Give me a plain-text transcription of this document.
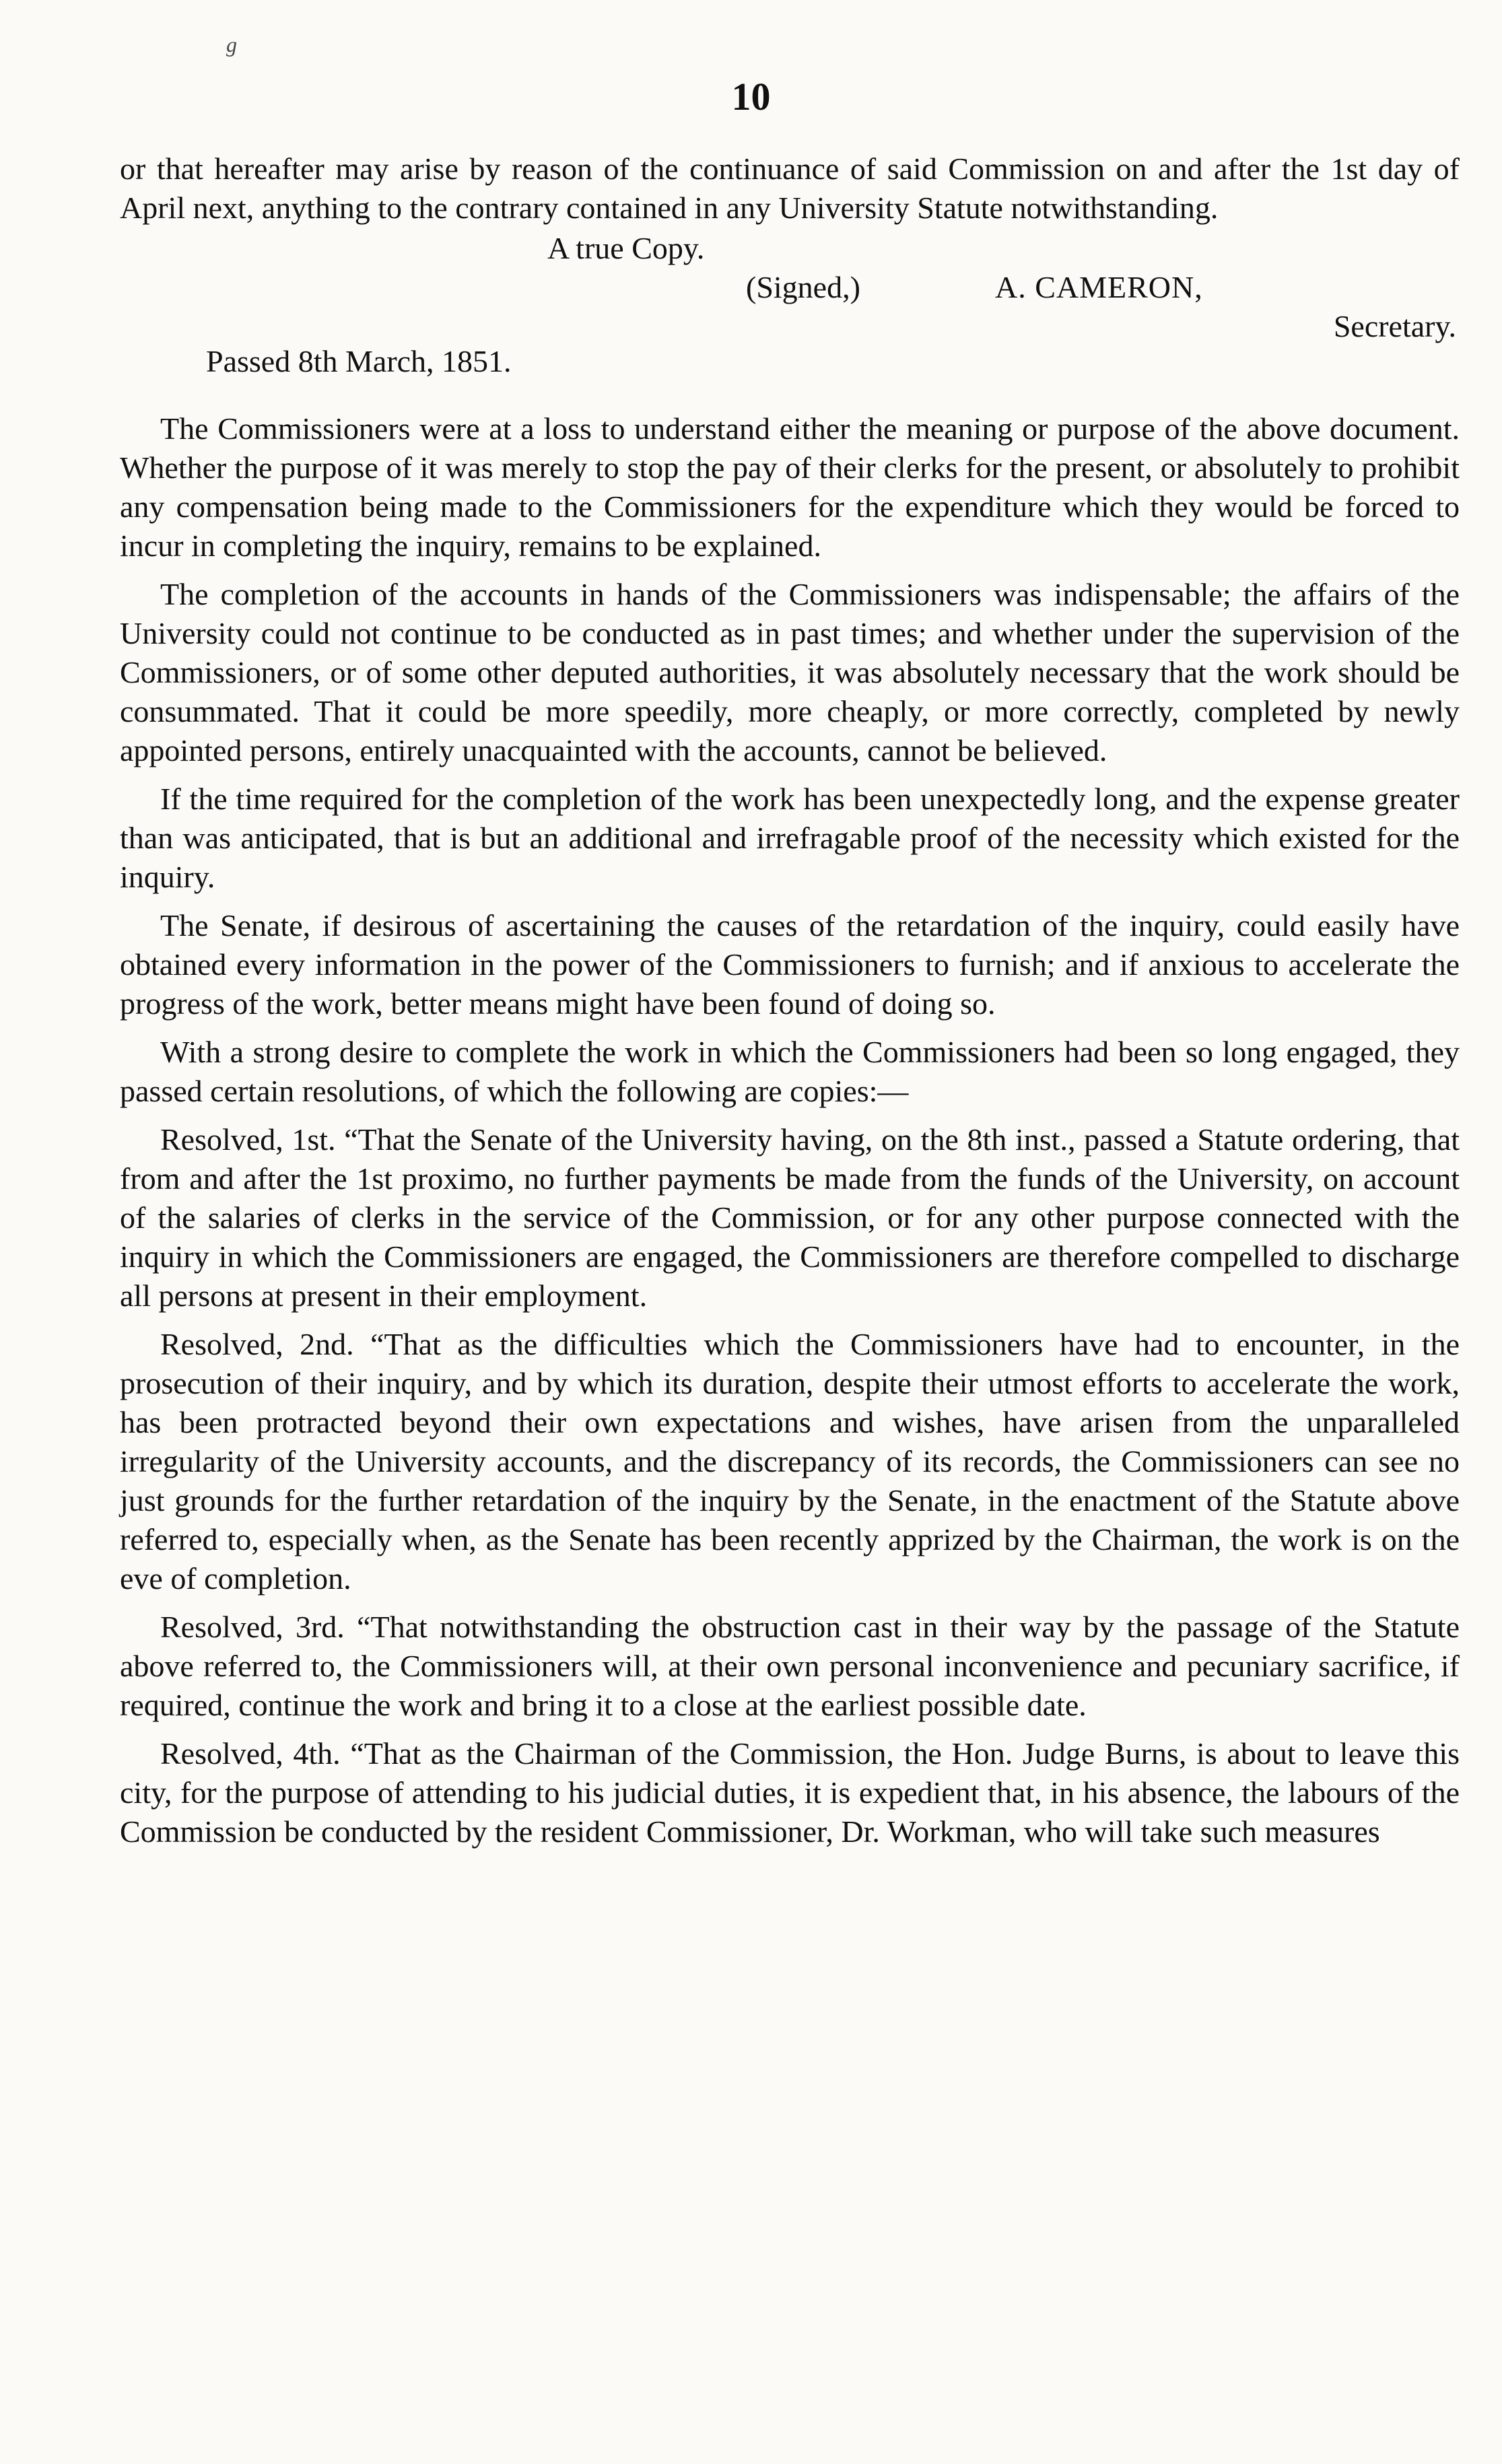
g
10

or that hereafter may arise by reason of the continuance of said Commission on and after the 1st day of April next, anything to the contrary contained in any University Statute notwithstanding.

A true Copy.
(Signed,)	A. CAMERON,
Secretary.
Passed 8th March, 1851.

The Commissioners were at a loss to understand either the meaning or purpose of the above document. Whether the purpose of it was merely to stop the pay of their clerks for the present, or absolutely to prohibit any compensation being made to the Commissioners for the expenditure which they would be forced to incur in completing the inquiry, remains to be explained.

The completion of the accounts in hands of the Commissioners was indispensable; the affairs of the University could not continue to be conducted as in past times; and whether under the supervision of the Commissioners, or of some other deputed authorities, it was absolutely necessary that the work should be consummated. That it could be more speedily, more cheaply, or more correctly, completed by newly appointed persons, entirely unacquainted with the accounts, cannot be believed.

If the time required for the completion of the work has been unexpectedly long, and the expense greater than was anticipated, that is but an additional and irrefragable proof of the necessity which existed for the inquiry.

The Senate, if desirous of ascertaining the causes of the retardation of the inquiry, could easily have obtained every information in the power of the Commissioners to furnish; and if anxious to accelerate the progress of the work, better means might have been found of doing so.

With a strong desire to complete the work in which the Commissioners had been so long engaged, they passed certain resolutions, of which the following are copies:—

Resolved, 1st. “That the Senate of the University having, on the 8th inst., passed a Statute ordering, that from and after the 1st proximo, no further payments be made from the funds of the University, on account of the salaries of clerks in the service of the Commission, or for any other purpose connected with the inquiry in which the Commissioners are engaged, the Commissioners are therefore compelled to discharge all persons at present in their employment.

Resolved, 2nd. “That as the difficulties which the Commissioners have had to encounter, in the prosecution of their inquiry, and by which its duration, despite their utmost efforts to accelerate the work, has been protracted beyond their own expectations and wishes, have arisen from the unparalleled irregularity of the University accounts, and the discrepancy of its records, the Commissioners can see no just grounds for the further retardation of the inquiry by the Senate, in the enactment of the Statute above referred to, especially when, as the Senate has been recently apprized by the Chairman, the work is on the eve of completion.

Resolved, 3rd. “That notwithstanding the obstruction cast in their way by the passage of the Statute above referred to, the Commissioners will, at their own personal inconvenience and pecuniary sacrifice, if required, continue the work and bring it to a close at the earliest possible date.

Resolved, 4th. “That as the Chairman of the Commission, the Hon. Judge Burns, is about to leave this city, for the purpose of attending to his judicial duties, it is expedient that, in his absence, the labours of the Commission be conducted by the resident Commissioner, Dr. Workman, who will take such measures
